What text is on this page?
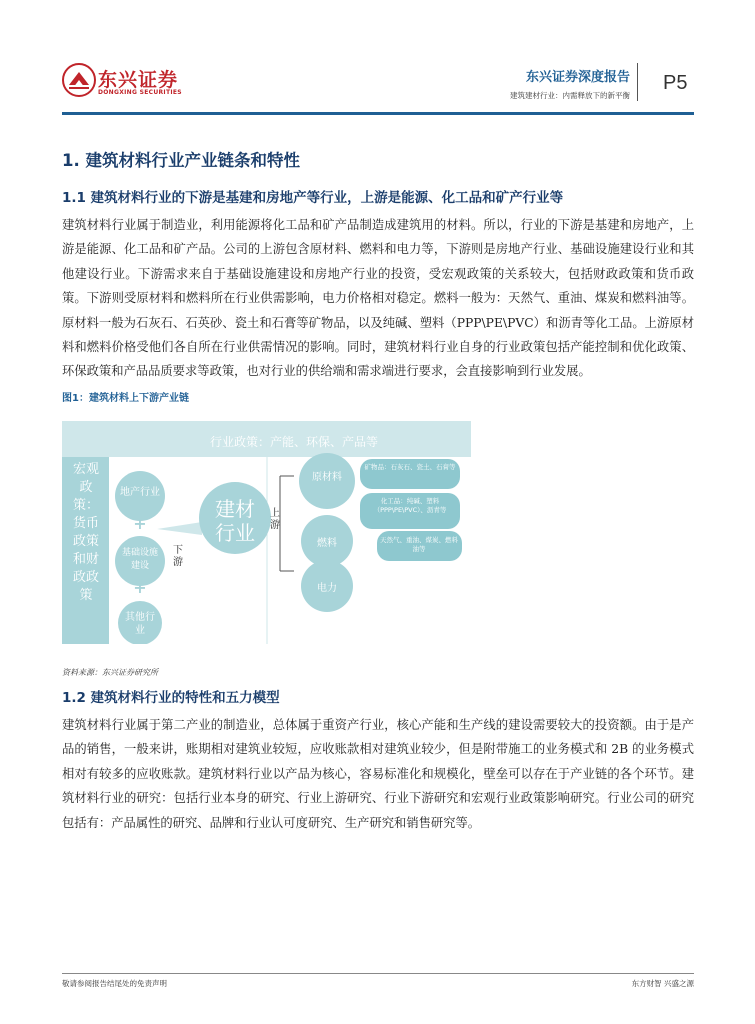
东兴证券
DONGXING SECURITIES
东兴证券深度报告
建筑建材行业：内需释放下的新平衡
P5
1. 建筑材料行业产业链条和特性
1.1 建筑材料行业的下游是基建和房地产等行业，上游是能源、化工品和矿产行业等

建筑材料行业属于制造业，利用能源将化工品和矿产品制造成建筑用的材料。所以，行业的下游是基建和房地产，上游是能源、化工品和矿产品。公司的上游包含原材料、燃料和电力等，下游则是房地产行业、基础设施建设行业和其他建设行业。下游需求来自于基础设施建设和房地产行业的投资，受宏观政策的关系较大，包括财政政策和货币政策。下游则受原材料和燃料所在行业供需影响，电力价格相对稳定。燃料一般为：天然气、重油、煤炭和燃料油等。原材料一般为石灰石、石英砂、瓷土和石膏等矿物品，以及纯碱、塑料（PPP\PE\PVC）和沥青等化工品。上游原材料和燃料价格受他们各自所在行业供需情况的影响。同时，建筑材料行业自身的行业政策包括产能控制和优化政策、环保政策和产品品质要求等政策，也对行业的供给端和需求端进行要求，会直接影响到行业发展。

图1：建筑材料上下游产业链
+
+
行业政策：产能、环保、产品等
宏观政策：货币政策和财政政策
地产行业
基础设施建设
其他行业
建材行业
下游
上游
原材料
燃料
电力
矿物品：石灰石、瓷土、石膏等
化工品：纯碱、塑料（PPP\PE\PVC）、沥青等
天然气、重油、煤炭、燃料油等
资料来源：东兴证券研究所
1.2 建筑材料行业的特性和五力模型

建筑材料行业属于第二产业的制造业，总体属于重资产行业，核心产能和生产线的建设需要较大的投资额。由于是产品的销售，一般来讲，账期相对建筑业较短，应收账款相对建筑业较少，但是附带施工的业务模式和 2B 的业务模式相对有较多的应收账款。建筑材料行业以产品为核心，容易标准化和规模化，壁垒可以存在于产业链的各个环节。建筑材料行业的研究：包括行业本身的研究、行业上游研究、行业下游研究和宏观行业政策影响研究。行业公司的研究包括有：产品属性的研究、品牌和行业认可度研究、生产研究和销售研究等。

敬请参阅报告结尾处的免责声明	东方财智 兴盛之源
